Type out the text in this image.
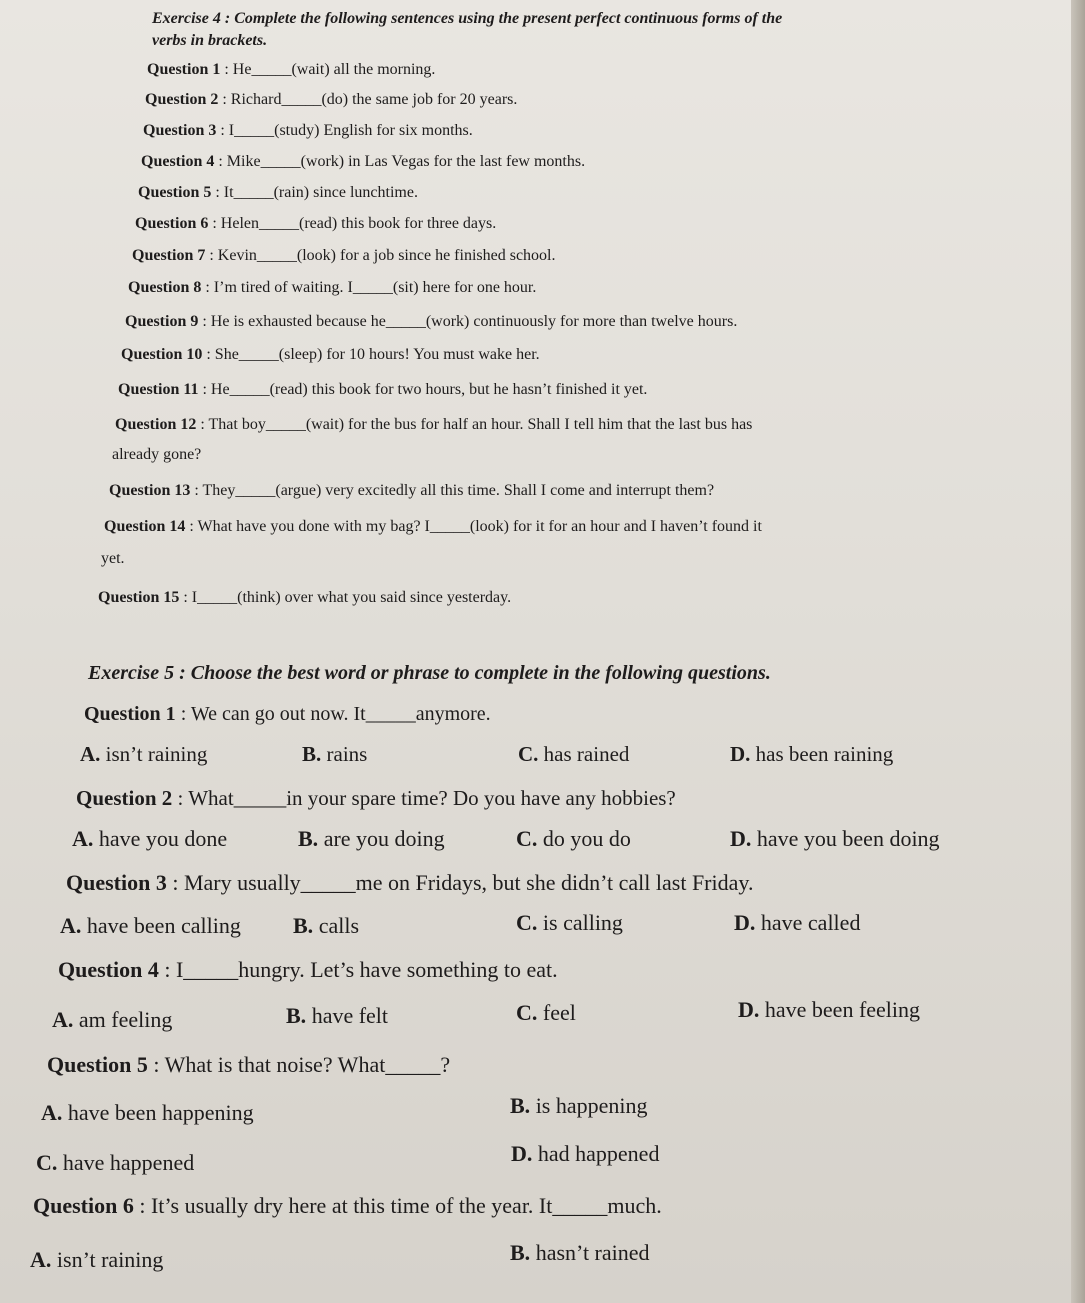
Exercise 4 : Complete the following sentences using the present perfect continuous forms of the
verbs in brackets.
Question 1 : He_____(wait) all the morning.
Question 2 : Richard_____(do) the same job for 20 years.
Question 3 : I_____(study) English for six months.
Question 4 : Mike_____(work) in Las Vegas for the last few months.
Question 5 : It_____(rain) since lunchtime.
Question 6 : Helen_____(read) this book for three days.
Question 7 : Kevin_____(look) for a job since he finished school.
Question 8 : I’m tired of waiting. I_____(sit) here for one hour.
Question 9 : He is exhausted because he_____(work) continuously for more than twelve hours.
Question 10 : She_____(sleep) for 10 hours! You must wake her.
Question 11 : He_____(read) this book for two hours, but he hasn’t finished it yet.
Question 12 : That boy_____(wait) for the bus for half an hour. Shall I tell him that the last bus has
already gone?
Question 13 : They_____(argue) very excitedly all this time. Shall I come and interrupt them?
Question 14 : What have you done with my bag? I_____(look) for it for an hour and I haven’t found it
yet.
Question 15 : I_____(think) over what you said since yesterday.
Exercise 5 : Choose the best word or phrase to complete in the following questions.
Question 1 : We can go out now. It_____anymore.
A. isn’t raining	B. rains	C. has rained	D. has been raining
Question 2 : What_____in your spare time? Do you have any hobbies?
A. have you done	B. are you doing	C. do you do	D. have you been doing
Question 3 : Mary usually_____me on Fridays, but she didn’t call last Friday.
A. have been calling B. calls	C. is calling	D. have called
Question 4 : I_____hungry. Let’s have something to eat.
A. am feeling	B. have felt	C. feel	D. have been feeling
Question 5 : What is that noise? What_____?
A. have been happening	B. is happening
C. have happened	D. had happened
Question 6 : It’s usually dry here at this time of the year. It_____much.
A. isn’t raining	B. hasn’t rained
